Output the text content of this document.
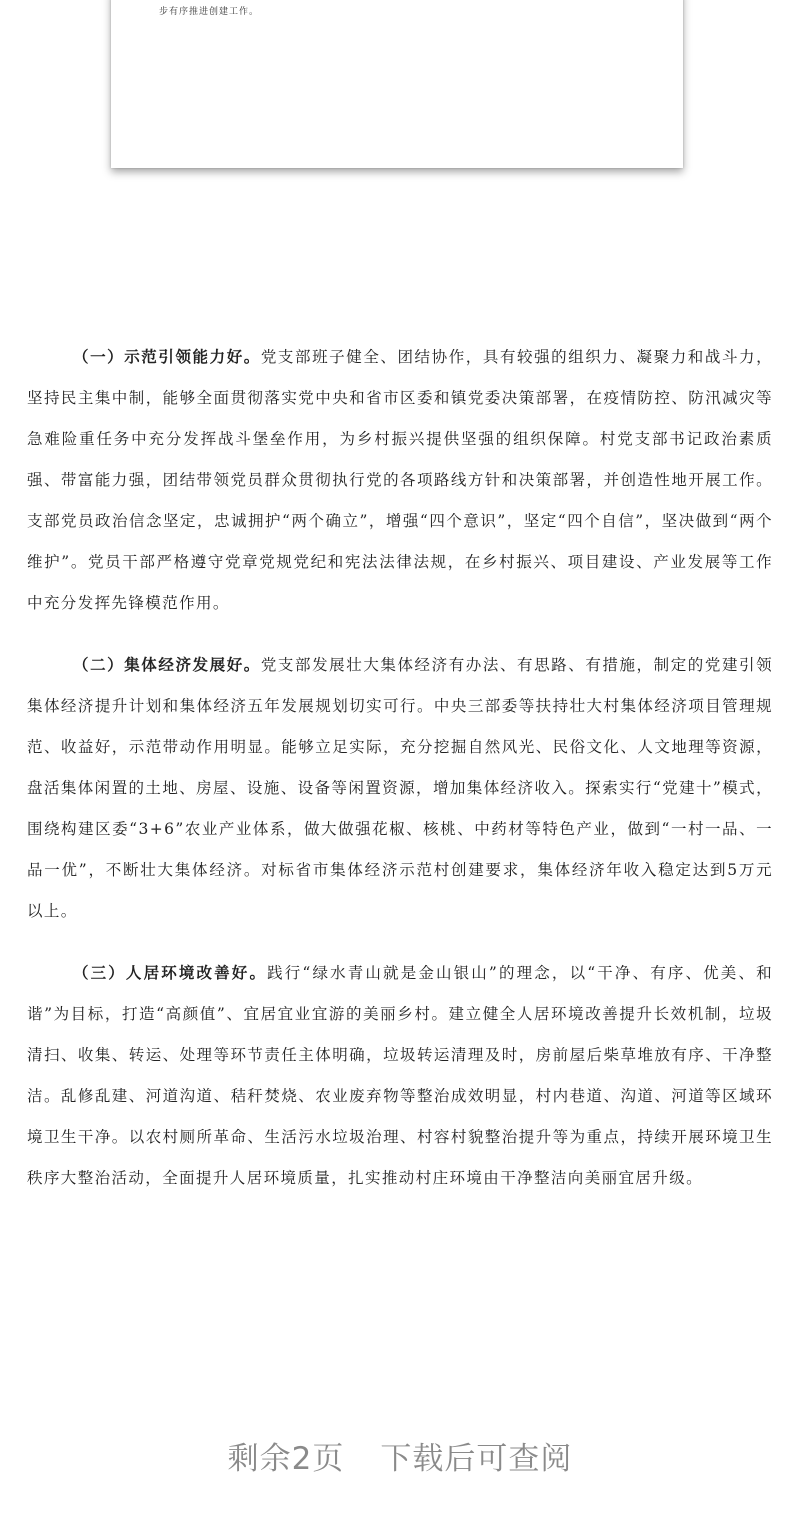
步有序推进创建工作。

（一）示范引领能力好。党支部班子健全、团结协作，具有较强的组织力、凝聚力和战斗力，坚持民主集中制，能够全面贯彻落实党中央和省市区委和镇党委决策部署，在疫情防控、防汛减灾等急难险重任务中充分发挥战斗堡垒作用，为乡村振兴提供坚强的组织保障。村党支部书记政治素质强、带富能力强，团结带领党员群众贯彻执行党的各项路线方针和决策部署，并创造性地开展工作。支部党员政治信念坚定，忠诚拥护“两个确立”，增强“四个意识”，坚定“四个自信”，坚决做到“两个维护”。党员干部严格遵守党章党规党纪和宪法法律法规，在乡村振兴、项目建设、产业发展等工作中充分发挥先锋模范作用。

（二）集体经济发展好。党支部发展壮大集体经济有办法、有思路、有措施，制定的党建引领集体经济提升计划和集体经济五年发展规划切实可行。中央三部委等扶持壮大村集体经济项目管理规范、收益好，示范带动作用明显。能够立足实际，充分挖掘自然风光、民俗文化、人文地理等资源，盘活集体闲置的土地、房屋、设施、设备等闲置资源，增加集体经济收入。探索实行“党建十”模式，围绕构建区委“3+6”农业产业体系，做大做强花椒、核桃、中药材等特色产业，做到“一村一品、一品一优”，不断壮大集体经济。对标省市集体经济示范村创建要求，集体经济年收入稳定达到5万元以上。

（三）人居环境改善好。践行“绿水青山就是金山银山”的理念，以“干净、有序、优美、和谐”为目标，打造“高颜值”、宜居宜业宜游的美丽乡村。建立健全人居环境改善提升长效机制，垃圾清扫、收集、转运、处理等环节责任主体明确，垃圾转运清理及时，房前屋后柴草堆放有序、干净整洁。乱修乱建、河道沟道、秸秆焚烧、农业废弃物等整治成效明显，村内巷道、沟道、河道等区域环境卫生干净。以农村厕所革命、生活污水垃圾治理、村容村貌整治提升等为重点，持续开展环境卫生秩序大整治活动，全面提升人居环境质量，扎实推动村庄环境由干净整洁向美丽宜居升级。

剩余2页 下载后可查阅
